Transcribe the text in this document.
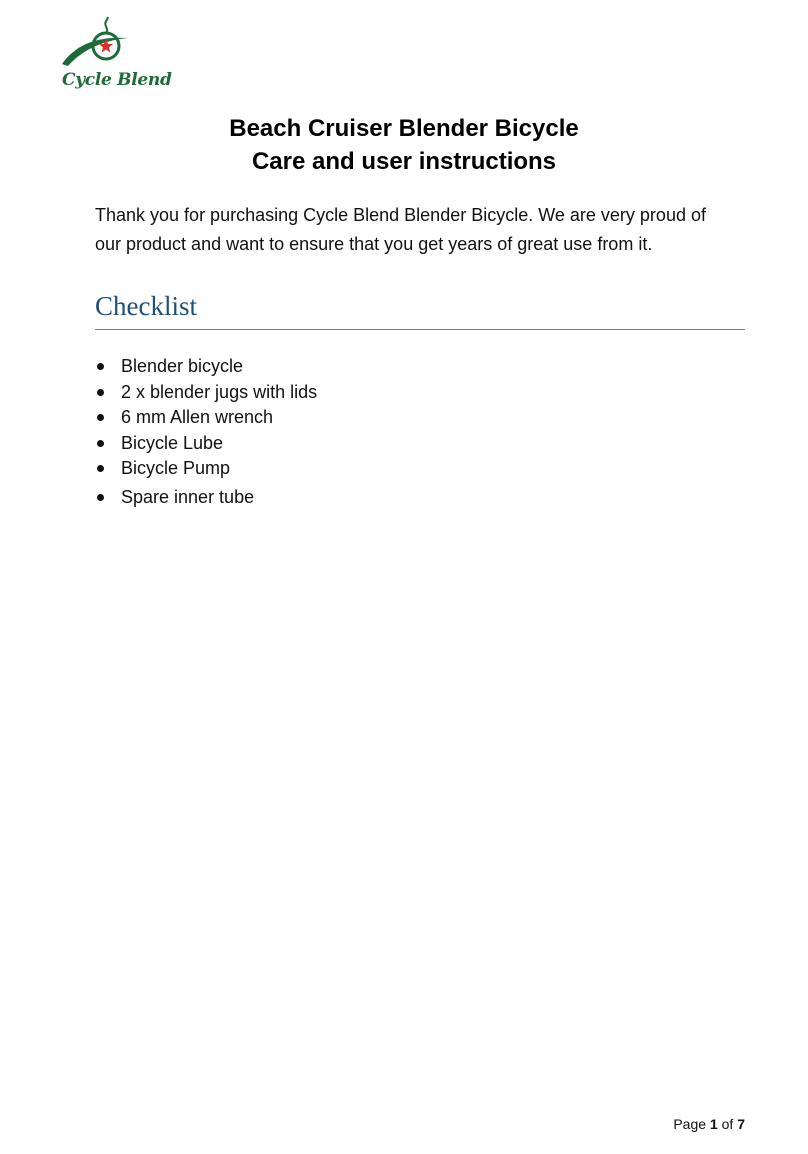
Cycle Blend
Beach Cruiser Blender Bicycle
Care and user instructions
Thank you for purchasing Cycle Blend Blender Bicycle. We are very proud of
our product and want to ensure that you get years of great use from it.
Checklist
Blender bicycle
2 x blender jugs with lids
6 mm Allen wrench
Bicycle Lube
Bicycle Pump
Spare inner tube
Page 1 of 7
